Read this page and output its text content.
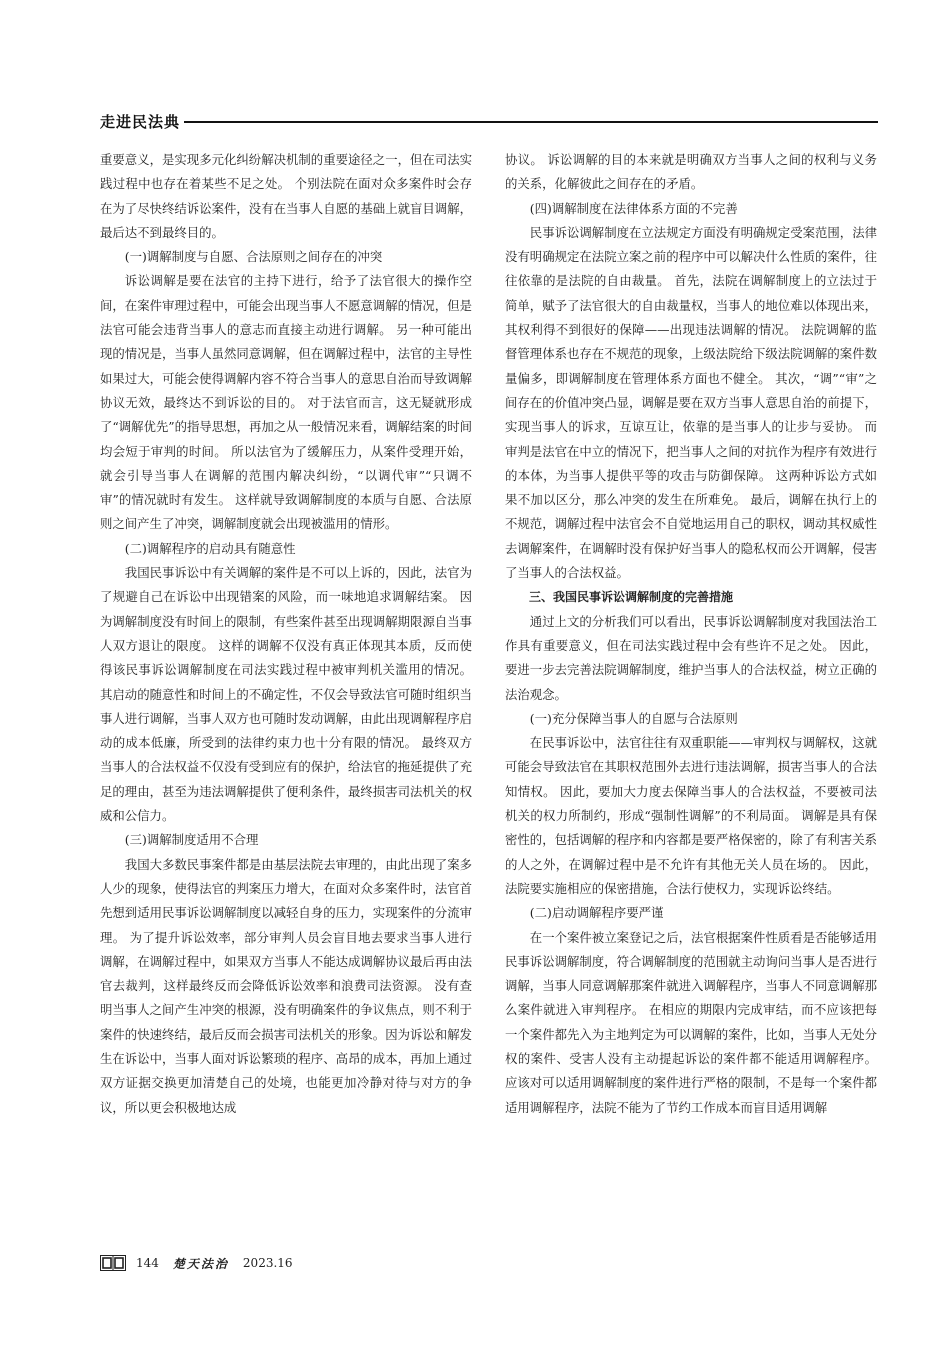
走进民法典

重要意义，是实现多元化纠纷解决机制的重要途径之一，但在司法实践过程中也存在着某些不足之处。 个别法院在面对众多案件时会存在为了尽快终结诉讼案件，没有在当事人自愿的基础上就盲目调解，最后达不到最终目的。

(一)调解制度与自愿、合法原则之间存在的冲突

诉讼调解是要在法官的主持下进行，给予了法官很大的操作空间，在案件审理过程中，可能会出现当事人不愿意调解的情况，但是法官可能会违背当事人的意志而直接主动进行调解。 另一种可能出现的情况是，当事人虽然同意调解，但在调解过程中，法官的主导性如果过大，可能会使得调解内容不符合当事人的意思自治而导致调解协议无效，最终达不到诉讼的目的。 对于法官而言，这无疑就形成了“调解优先”的指导思想，再加之从一般情况来看，调解结案的时间均会短于审判的时间。 所以法官为了缓解压力，从案件受理开始，就会引导当事人在调解的范围内解决纠纷，“以调代审”“只调不审”的情况就时有发生。 这样就导致调解制度的本质与自愿、合法原则之间产生了冲突，调解制度就会出现被滥用的情形。

(二)调解程序的启动具有随意性

我国民事诉讼中有关调解的案件是不可以上诉的，因此，法官为了规避自己在诉讼中出现错案的风险，而一味地追求调解结案。 因为调解制度没有时间上的限制，有些案件甚至出现调解期限源自当事人双方退让的限度。 这样的调解不仅没有真正体现其本质，反而使得该民事诉讼调解制度在司法实践过程中被审判机关滥用的情况。 其启动的随意性和时间上的不确定性，不仅会导致法官可随时组织当事人进行调解，当事人双方也可随时发动调解，由此出现调解程序启动的成本低廉，所受到的法律约束力也十分有限的情况。 最终双方当事人的合法权益不仅没有受到应有的保护，给法官的拖延提供了充足的理由，甚至为违法调解提供了便利条件，最终损害司法机关的权威和公信力。

(三)调解制度适用不合理

我国大多数民事案件都是由基层法院去审理的，由此出现了案多人少的现象，使得法官的判案压力增大，在面对众多案件时，法官首先想到适用民事诉讼调解制度以减轻自身的压力，实现案件的分流审理。 为了提升诉讼效率，部分审判人员会盲目地去要求当事人进行调解，在调解过程中，如果双方当事人不能达成调解协议最后再由法官去裁判，这样最终反而会降低诉讼效率和浪费司法资源。 没有查明当事人之间产生冲突的根源，没有明确案件的争议焦点，则不利于案件的快速终结，最后反而会损害司法机关的形象。因为诉讼和解发生在诉讼中，当事人面对诉讼繁琐的程序、高昂的成本，再加上通过双方证据交换更加清楚自己的处境，也能更加冷静对待与对方的争议，所以更会积极地达成

协议。 诉讼调解的目的本来就是明确双方当事人之间的权利与义务的关系，化解彼此之间存在的矛盾。

(四)调解制度在法律体系方面的不完善

民事诉讼调解制度在立法规定方面没有明确规定受案范围，法律没有明确规定在法院立案之前的程序中可以解决什么性质的案件，往往依靠的是法院的自由裁量。 首先，法院在调解制度上的立法过于简单，赋予了法官很大的自由裁量权，当事人的地位难以体现出来，其权利得不到很好的保障——出现违法调解的情况。 法院调解的监督管理体系也存在不规范的现象，上级法院给下级法院调解的案件数量偏多，即调解制度在管理体系方面也不健全。 其次，“调”“审”之间存在的价值冲突凸显，调解是要在双方当事人意思自治的前提下，实现当事人的诉求，互谅互让，依靠的是当事人的让步与妥协。 而审判是法官在中立的情况下，把当事人之间的对抗作为程序有效进行的本体，为当事人提供平等的攻击与防御保障。 这两种诉讼方式如果不加以区分，那么冲突的发生在所难免。 最后，调解在执行上的不规范，调解过程中法官会不自觉地运用自己的职权，调动其权威性去调解案件，在调解时没有保护好当事人的隐私权而公开调解，侵害了当事人的合法权益。

三、我国民事诉讼调解制度的完善措施

通过上文的分析我们可以看出，民事诉讼调解制度对我国法治工作具有重要意义，但在司法实践过程中会有些许不足之处。 因此，要进一步去完善法院调解制度，维护当事人的合法权益，树立正确的法治观念。

(一)充分保障当事人的自愿与合法原则

在民事诉讼中，法官往往有双重职能——审判权与调解权，这就可能会导致法官在其职权范围外去进行违法调解，损害当事人的合法知情权。 因此，要加大力度去保障当事人的合法权益，不要被司法机关的权力所制约，形成“强制性调解”的不利局面。 调解是具有保密性的，包括调解的程序和内容都是要严格保密的，除了有利害关系的人之外，在调解过程中是不允许有其他无关人员在场的。 因此，法院要实施相应的保密措施，合法行使权力，实现诉讼终结。

(二)启动调解程序要严谨

在一个案件被立案登记之后，法官根据案件性质看是否能够适用民事诉讼调解制度，符合调解制度的范围就主动询问当事人是否进行调解，当事人同意调解那案件就进入调解程序，当事人不同意调解那么案件就进入审判程序。 在相应的期限内完成审结，而不应该把每一个案件都先入为主地判定为可以调解的案件，比如，当事人无处分权的案件、受害人没有主动提起诉讼的案件都不能适用调解程序。 应该对可以适用调解制度的案件进行严格的限制，不是每一个案件都适用调解程序，法院不能为了节约工作成本而盲目适用调解

144 楚天法治 2023.16
